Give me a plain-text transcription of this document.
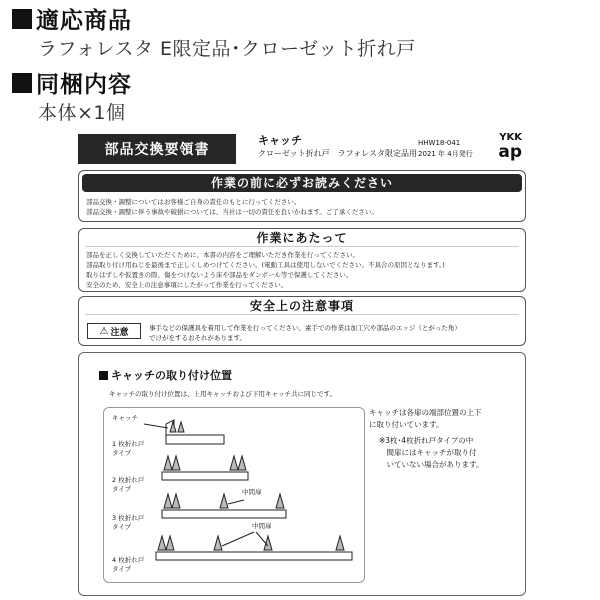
適応商品
ラフォレスタ E限定品･クローゼット折れ戸
同梱内容
本体×1個
部品交換要領書
キャッチ
クローゼット折れ戸　ラフォレスタ限定品用
HHW18-041
2021 年 4月発行
YKK
ap
作業の前に必ずお読みください
部品交換・調整についてはお客様ご自身の責任のもとに行ってください。
部品交換・調整に伴う事故や破損については、当社は一切の責任を負いかねます。ご了承ください。
作業にあたって
部品を正しく交換していただくために、本書の内容をご理解いただき作業を行ってください。
部品取り付け用ねじを最後まで正しくしめつけてください。(電動工具は使用しないでください。不具合の原因となります。)
取りはずしや仮置きの際、傷をつけないよう床や部品をダンボール等で保護してください。
安全のため、安全上の注意事項にしたがって作業を行ってください。
安全上の注意事項
⚠ 注意	事手などの保護具を着用して作業を行ってください。素手での作業は加工穴や部品のエッジ（とがった角）
でけがをするおそれがあります。
キャッチの取り付け位置
キャッチの取り付け位置は、上用キャッチおよび下用キャッチ共に同じです。
キャッチ
1 枚折れ戸
タイプ
2 枚折れ戸
タイプ
3 枚折れ戸
タイプ
4 枚折れ戸
タイプ
中間扉
中間扉
キャッチは各扉の端部位置の上下
に取り付いています。
※3枚･4枚折れ戸タイプの中
　間扉にはキャッチが取り付
　いていない場合があります。
